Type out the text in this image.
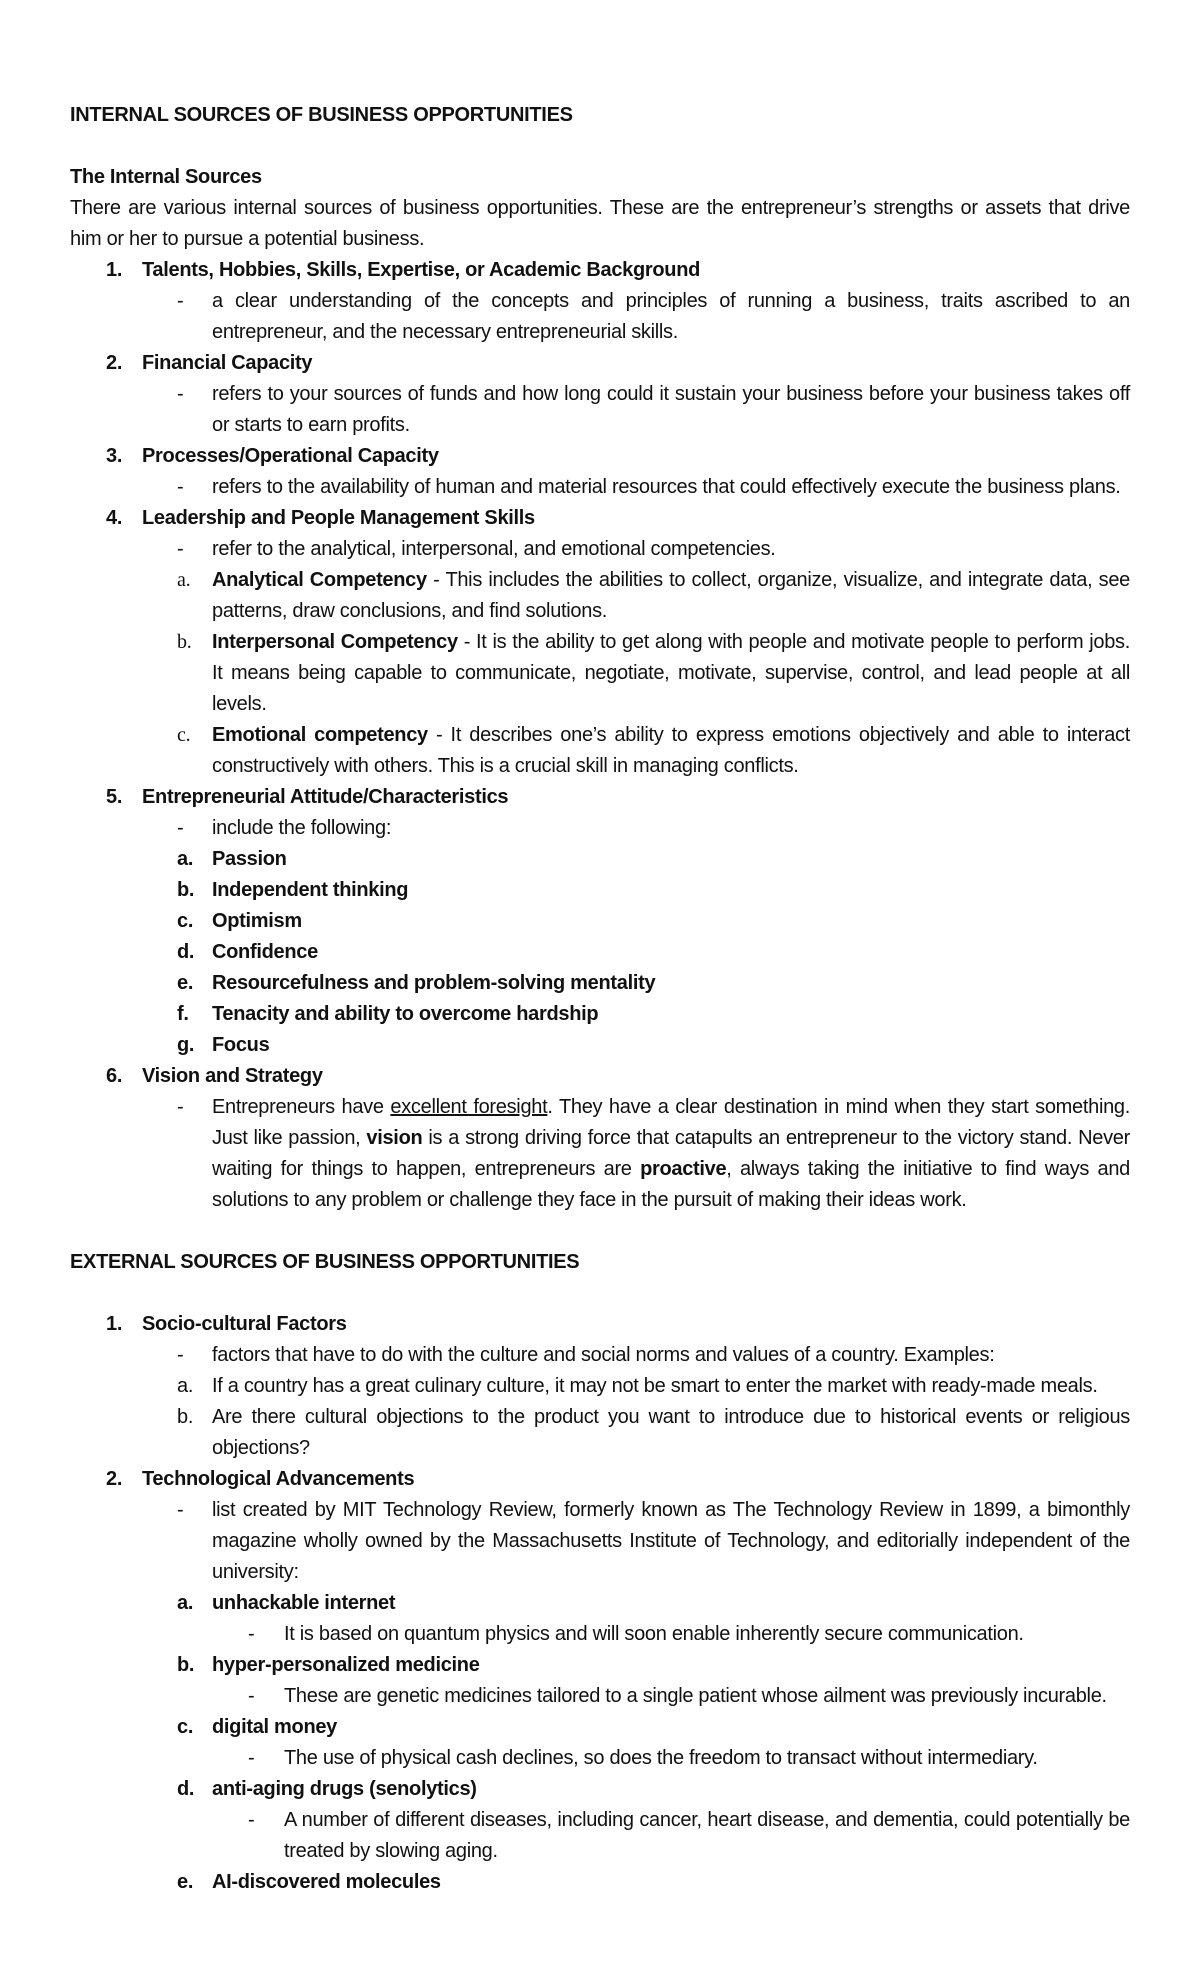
INTERNAL SOURCES OF BUSINESS OPPORTUNITIES
The Internal Sources
There are various internal sources of business opportunities. These are the entrepreneur’s strengths or assets that drive him or her to pursue a potential business.
1. Talents, Hobbies, Skills, Expertise, or Academic Background
- a clear understanding of the concepts and principles of running a business, traits ascribed to an entrepreneur, and the necessary entrepreneurial skills.
2. Financial Capacity
- refers to your sources of funds and how long could it sustain your business before your business takes off or starts to earn profits.
3. Processes/Operational Capacity
- refers to the availability of human and material resources that could effectively execute the business plans.
4. Leadership and People Management Skills
- refer to the analytical, interpersonal, and emotional competencies.
a. Analytical Competency - This includes the abilities to collect, organize, visualize, and integrate data, see patterns, draw conclusions, and find solutions.
b. Interpersonal Competency - It is the ability to get along with people and motivate people to perform jobs. It means being capable to communicate, negotiate, motivate, supervise, control, and lead people at all levels.
c. Emotional competency - It describes one’s ability to express emotions objectively and able to interact constructively with others. This is a crucial skill in managing conflicts.
5. Entrepreneurial Attitude/Characteristics
- include the following:
a. Passion
b. Independent thinking
c. Optimism
d. Confidence
e. Resourcefulness and problem-solving mentality
f. Tenacity and ability to overcome hardship
g. Focus
6. Vision and Strategy
- Entrepreneurs have excellent foresight. They have a clear destination in mind when they start something. Just like passion, vision is a strong driving force that catapults an entrepreneur to the victory stand. Never waiting for things to happen, entrepreneurs are proactive, always taking the initiative to find ways and solutions to any problem or challenge they face in the pursuit of making their ideas work.
EXTERNAL SOURCES OF BUSINESS OPPORTUNITIES
1. Socio-cultural Factors
- factors that have to do with the culture and social norms and values of a country. Examples:
a. If a country has a great culinary culture, it may not be smart to enter the market with ready-made meals.
b. Are there cultural objections to the product you want to introduce due to historical events or religious objections?
2. Technological Advancements
- list created by MIT Technology Review, formerly known as The Technology Review in 1899, a bimonthly magazine wholly owned by the Massachusetts Institute of Technology, and editorially independent of the university:
a. unhackable internet
- It is based on quantum physics and will soon enable inherently secure communication.
b. hyper-personalized medicine
- These are genetic medicines tailored to a single patient whose ailment was previously incurable.
c. digital money
- The use of physical cash declines, so does the freedom to transact without intermediary.
d. anti-aging drugs (senolytics)
- A number of different diseases, including cancer, heart disease, and dementia, could potentially be treated by slowing aging.
e. AI-discovered molecules
